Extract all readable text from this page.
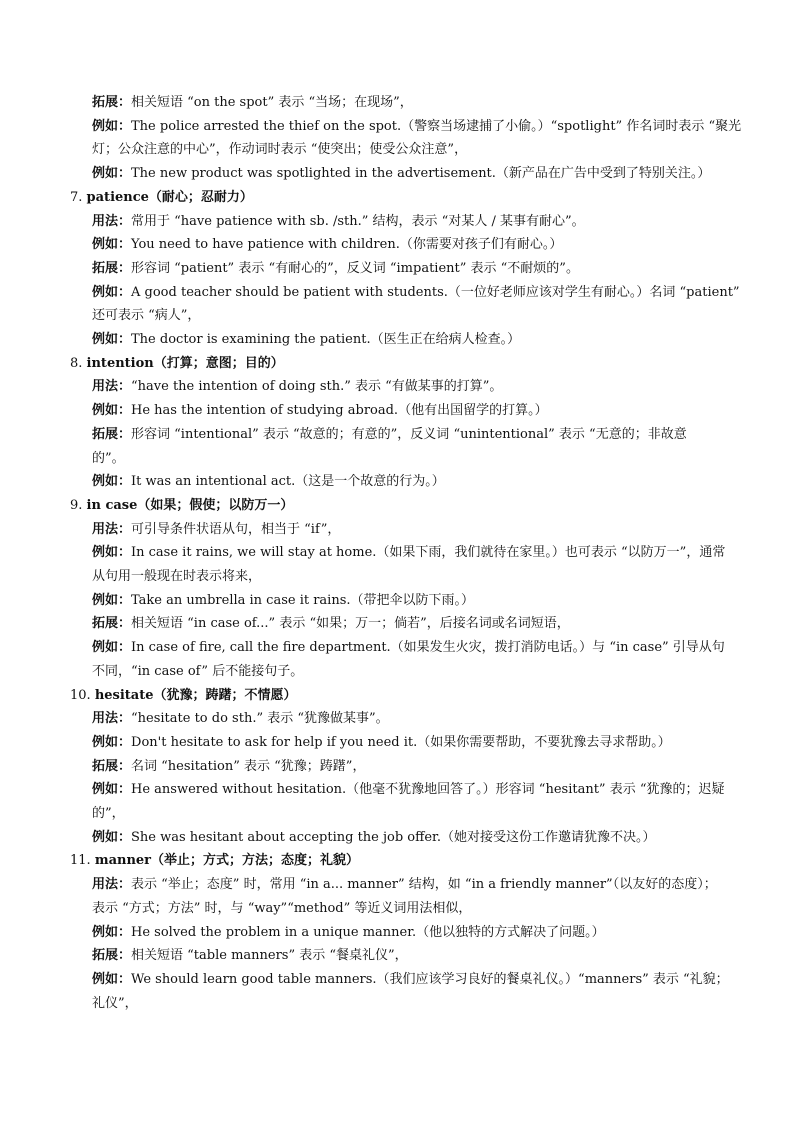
拓展：相关短语 “on the spot” 表示 “当场；在现场”，
例如：The police arrested the thief on the spot.（警察当场逮捕了小偷。）“spotlight” 作名词时表示 “聚光
灯；公众注意的中心”，作动词时表示 “使突出；使受公众注意”，
例如：The new product was spotlighted in the advertisement.（新产品在广告中受到了特别关注。）
7. patience（耐心；忍耐力）
用法：常用于 “have patience with sb. /sth.” 结构，表示 “对某人 / 某事有耐心”。
例如：You need to have patience with children.（你需要对孩子们有耐心。）
拓展：形容词 “patient” 表示 “有耐心的”，反义词 “impatient” 表示 “不耐烦的”。
例如：A good teacher should be patient with students.（一位好老师应该对学生有耐心。）名词 “patient”
还可表示 “病人”，
例如：The doctor is examining the patient.（医生正在给病人检查。）
8. intention（打算；意图；目的）
用法：“have the intention of doing sth.” 表示 “有做某事的打算”。
例如：He has the intention of studying abroad.（他有出国留学的打算。）
拓展：形容词 “intentional” 表示 “故意的；有意的”，反义词 “unintentional” 表示 “无意的；非故意
的”。
例如：It was an intentional act.（这是一个故意的行为。）
9. in case（如果；假使；以防万一）
用法：可引导条件状语从句，相当于 “if”，
例如：In case it rains, we will stay at home.（如果下雨，我们就待在家里。）也可表示 “以防万一”，通常
从句用一般现在时表示将来，
例如：Take an umbrella in case it rains.（带把伞以防下雨。）
拓展：相关短语 “in case of...” 表示 “如果；万一；倘若”，后接名词或名词短语，
例如：In case of fire, call the fire department.（如果发生火灾，拨打消防电话。）与 “in case” 引导从句
不同，“in case of” 后不能接句子。
10. hesitate（犹豫；踌躇；不情愿）
用法：“hesitate to do sth.” 表示 “犹豫做某事”。
例如：Don't hesitate to ask for help if you need it.（如果你需要帮助，不要犹豫去寻求帮助。）
拓展：名词 “hesitation” 表示 “犹豫；踌躇”，
例如：He answered without hesitation.（他毫不犹豫地回答了。）形容词 “hesitant” 表示 “犹豫的；迟疑
的”，
例如：She was hesitant about accepting the job offer.（她对接受这份工作邀请犹豫不决。）
11. manner（举止；方式；方法；态度；礼貌）
用法：表示 “举止；态度” 时，常用 “in a... manner” 结构，如 “in a friendly manner”（以友好的态度）；
表示 “方式；方法” 时，与 “way”“method” 等近义词用法相似，
例如：He solved the problem in a unique manner.（他以独特的方式解决了问题。）
拓展：相关短语 “table manners” 表示 “餐桌礼仪”，
例如：We should learn good table manners.（我们应该学习良好的餐桌礼仪。）“manners” 表示 “礼貌；
礼仪”，
